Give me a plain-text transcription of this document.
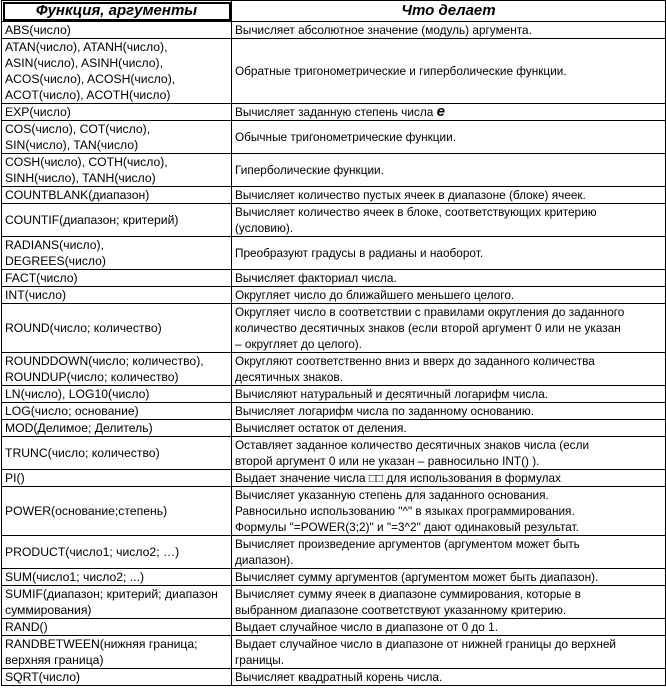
Функция, аргументы	Что делает

ABS(число)	Вычисляет абсолютное значение (модуль) аргумента.

ATAN(число), ATANH(число),
ASIN(число), ASINH(число),
ACOS(число), ACOSH(число),
ACOT(число), ACOTH(число)	Обратные тригонометрические и гиперболические функции.

EXP(число)	Вычисляет заданную степень числа e

COS(число), COT(число),
SIN(число), TAN(число)	Обычные тригонометрические функции.

COSH(число), COTH(число),
SINH(число), TANH(число)	Гиперболические функции.

COUNTBLANK(диапазон)	Вычисляет количество пустых ячеек в диапазоне (блоке) ячеек.

COUNTIF(диапазон; критерий)	Вычисляет количество ячеек в блоке, соответствующих критерию
(условию).

RADIANS(число),
DEGREES(число)	Преобразуют градусы в радианы и наоборот.

FACT(число)	Вычисляет факториал числа.

INT(число)	Округляет число до ближайшего меньшего целого.

ROUND(число; количество)	Округляет число в соответствии с правилами округления до заданного
количество десятичных знаков (если второй аргумент 0 или не указан
– округляет до целого).

ROUNDDOWN(число; количество),
ROUNDUP(число; количество)	Округляют соответственно вниз и вверх до заданного количества
десятичных знаков.

LN(число), LOG10(число)	Вычисляют натуральный и десятичный логарифм числа.

LOG(число; основание)	Вычисляет логарифм числа по заданному основанию.

MOD(Делимое; Делитель)	Вычисляет остаток от деления.

TRUNC(число; количество)	Оставляет заданное количество десятичных знаков числа (если
второй аргумент 0 или не указан – равносильно INT() ).

PI()	Выдает значение числа □□ для использования в формулах

POWER(основание;степень)	Вычисляет указанную степень для заданного основания.
Равносильно использованию "^" в языках программирования.
Формулы "=POWER(3;2)" и "=3^2" дают одинаковый результат.

PRODUCT(число1; число2; …)	Вычисляет произведение аргументов (аргументом может быть
диапазон).

SUM(число1; число2; ...)	Вычисляет сумму аргументов (аргументом может быть диапазон).

SUMIF(диапазон; критерий; диапазон
суммирования)	Вычисляет сумму ячеек в диапазоне суммирования, которые в
выбранном диапазоне соответствуют указанному критерию.

RAND()	Выдает случайное число в диапазоне от 0 до 1.

RANDBETWEEN(нижняя граница;
верхняя граница)	Выдает случайное число в диапазоне от нижней границы до верхней
границы.

SQRT(число)	Вычисляет квадратный корень числа.
